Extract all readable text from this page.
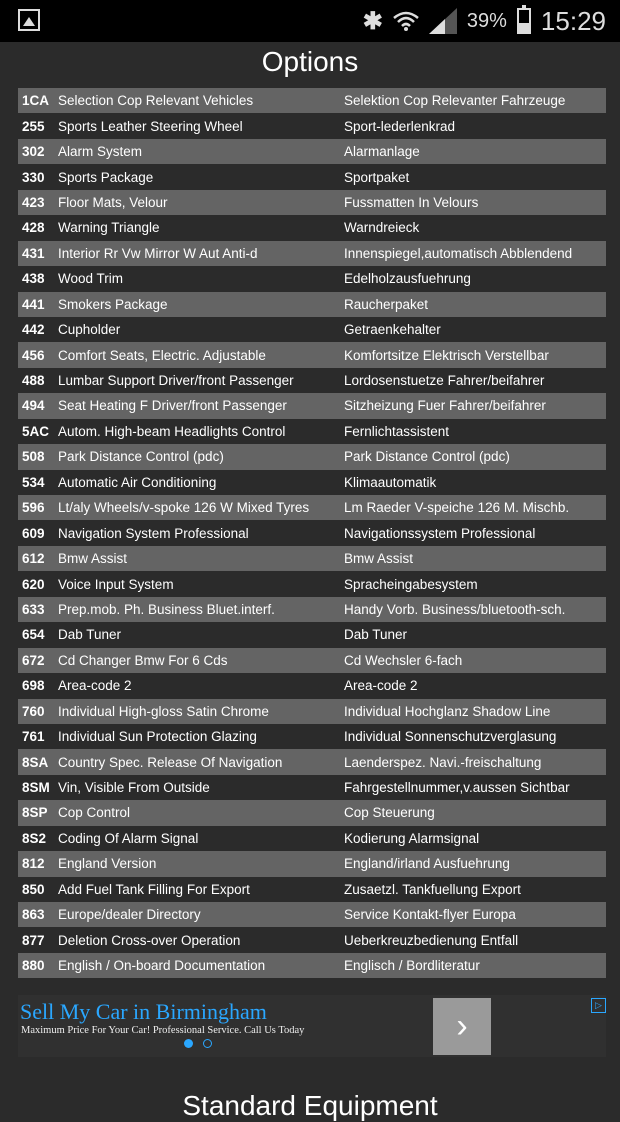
✱	39% 15:29
Options
1CA Selection Cop Relevant Vehicles	Selektion Cop Relevanter Fahrzeuge
255 Sports Leather Steering Wheel	Sport-lederlenkrad
302 Alarm System	Alarmanlage
330 Sports Package	Sportpaket
423 Floor Mats, Velour	Fussmatten In Velours
428 Warning Triangle	Warndreieck
431 Interior Rr Vw Mirror W Aut Anti-d	Innenspiegel,automatisch Abblendend
438 Wood Trim	Edelholzausfuehrung
441 Smokers Package	Raucherpaket
442 Cupholder	Getraenkehalter
456 Comfort Seats, Electric. Adjustable	Komfortsitze Elektrisch Verstellbar
488 Lumbar Support Driver/front Passenger	Lordosenstuetze Fahrer/beifahrer
494 Seat Heating F Driver/front Passenger	Sitzheizung Fuer Fahrer/beifahrer
5AC Autom. High-beam Headlights Control	Fernlichtassistent
508 Park Distance Control (pdc)	Park Distance Control (pdc)
534 Automatic Air Conditioning	Klimaautomatik
596 Lt/aly Wheels/v-spoke 126 W Mixed Tyres	Lm Raeder V-speiche 126 M. Mischb.
609 Navigation System Professional	Navigationssystem Professional
612 Bmw Assist	Bmw Assist
620 Voice Input System	Spracheingabesystem
633 Prep.mob. Ph. Business Bluet.interf.	Handy Vorb. Business/bluetooth-sch.
654 Dab Tuner	Dab Tuner
672 Cd Changer Bmw For 6 Cds	Cd Wechsler 6-fach
698 Area-code 2	Area-code 2
760 Individual High-gloss Satin Chrome	Individual Hochglanz Shadow Line
761 Individual Sun Protection Glazing	Individual Sonnenschutzverglasung
8SA Country Spec. Release Of Navigation	Laenderspez. Navi.-freischaltung
8SM Vin, Visible From Outside	Fahrgestellnummer,v.aussen Sichtbar
8SP Cop Control	Cop Steuerung
8S2 Coding Of Alarm Signal	Kodierung Alarmsignal
812 England Version	England/irland Ausfuehrung
850 Add Fuel Tank Filling For Export	Zusaetzl. Tankfuellung Export
863 Europe/dealer Directory	Service Kontakt-flyer Europa
877 Deletion Cross-over Operation	Ueberkreuzbedienung Entfall
880 English / On-board Documentation	Englisch / Bordliteratur
Sell My Car in Birmingham
Maximum Price For Your Car! Professional Service. Call Us Today	›
▷
Standard Equipment
